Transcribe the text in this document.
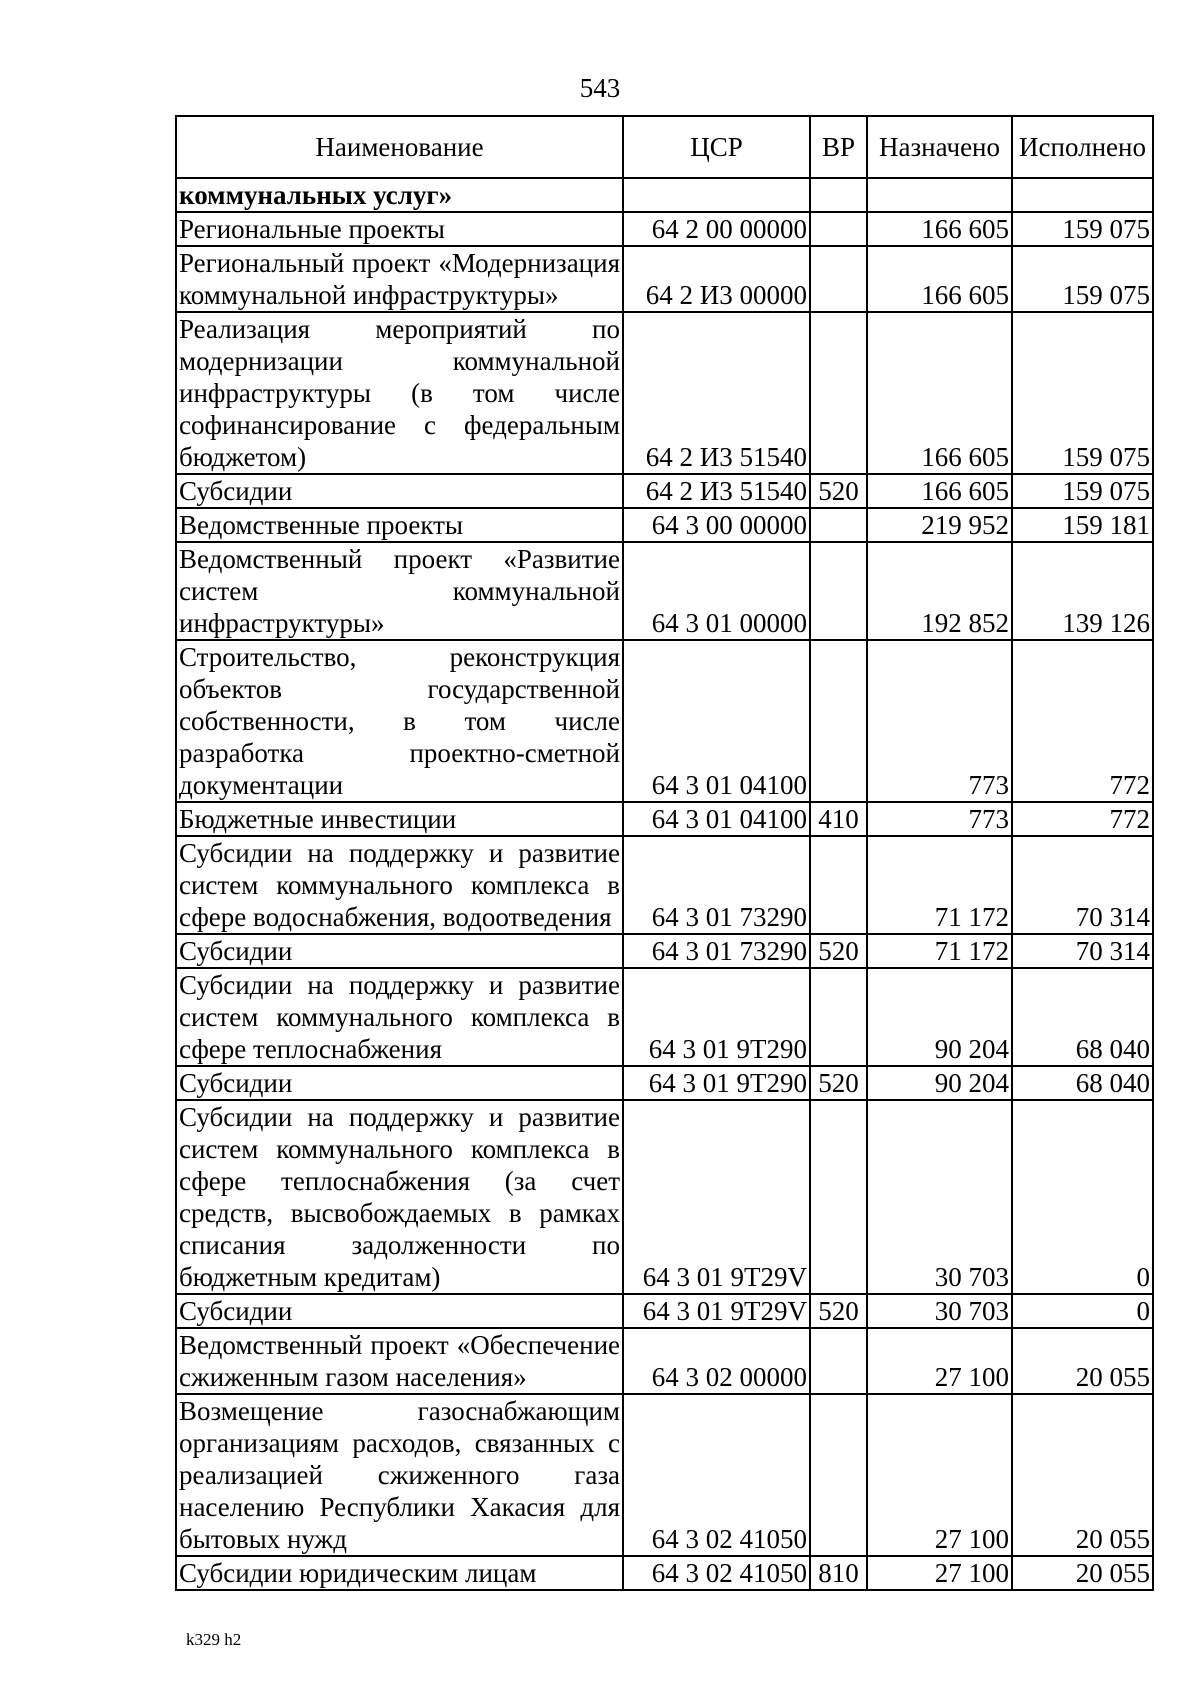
543
Наименование	ЦСР	ВР	Назначено	Исполнено
коммунальных услуг»				
Региональные проекты	64 2 00 00000		166 605	159 075
Региональный проект «Модернизация коммунальной инфраструктуры»	64 2 И3 00000		166 605	159 075
Реализация мероприятий по модернизации коммунальной инфраструктуры (в том числе софинансирование с федеральным бюджетом)	64 2 И3 51540		166 605	159 075
Субсидии	64 2 И3 51540	520	166 605	159 075
Ведомственные проекты	64 3 00 00000		219 952	159 181
Ведомственный проект «Развитие систем коммунальной инфраструктуры»	64 3 01 00000		192 852	139 126
Строительство, реконструкция объектов государственной собственности, в том числе разработка проектно-сметной документации	64 3 01 04100		773	772
Бюджетные инвестиции	64 3 01 04100	410	773	772
Субсидии на поддержку и развитие систем коммунального комплекса в сфере водоснабжения, водоотведения	64 3 01 73290		71 172	70 314
Субсидии	64 3 01 73290	520	71 172	70 314
Субсидии на поддержку и развитие систем коммунального комплекса в сфере теплоснабжения	64 3 01 9Т290		90 204	68 040
Субсидии	64 3 01 9Т290	520	90 204	68 040
Субсидии на поддержку и развитие систем коммунального комплекса в сфере теплоснабжения (за счет средств, высвобождаемых в рамках списания задолженности по бюджетным кредитам)	64 3 01 9Т29V		30 703	0
Субсидии	64 3 01 9Т29V	520	30 703	0
Ведомственный проект «Обеспечение сжиженным газом населения»	64 3 02 00000		27 100	20 055
Возмещение газоснабжающим организациям расходов, связанных с реализацией сжиженного газа населению Республики Хакасия для бытовых нужд	64 3 02 41050		27 100	20 055
Субсидии юридическим лицам	64 3 02 41050	810	27 100	20 055
k329 h2
